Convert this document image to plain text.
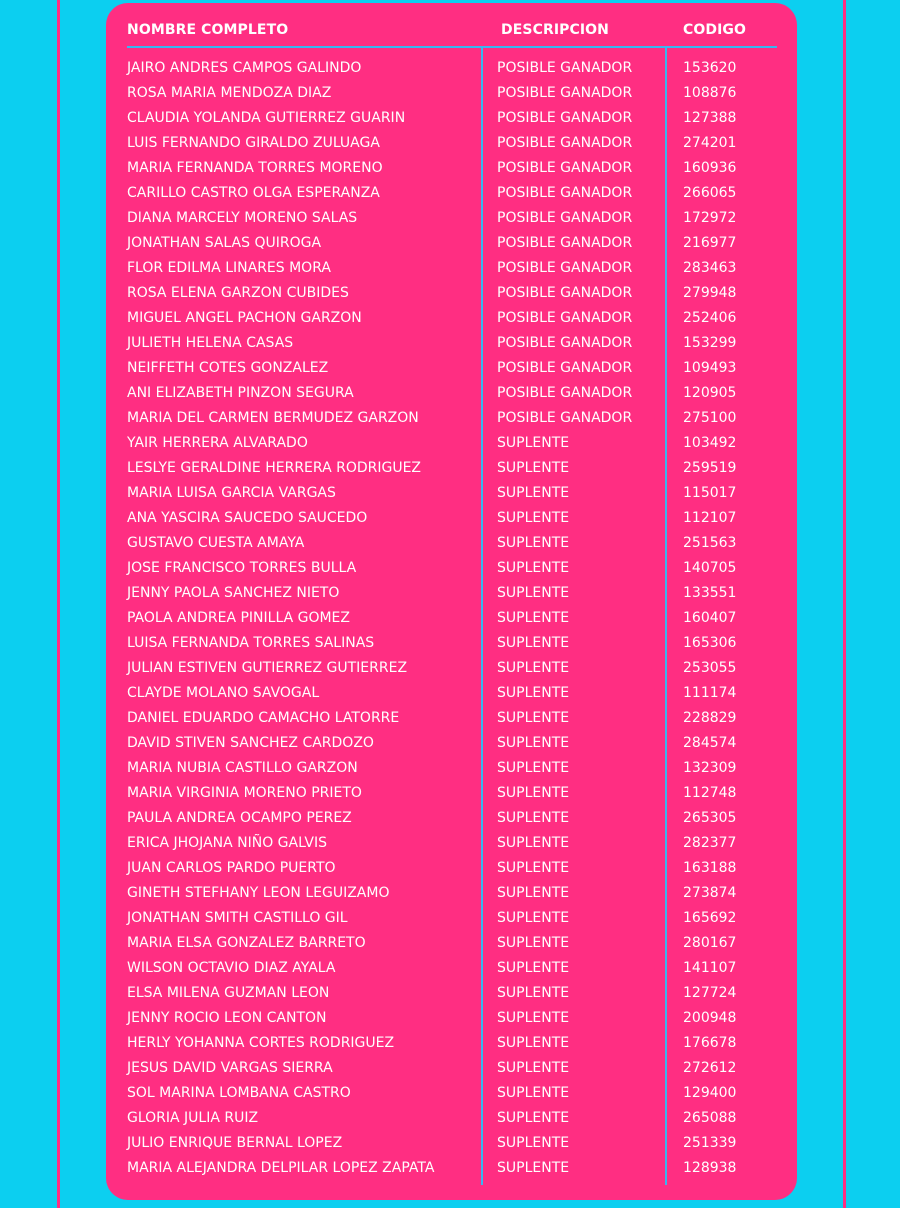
NOMBRE COMPLETO	DESCRIPCION	CODIGO
JAIRO ANDRES CAMPOS GALINDO	POSIBLE GANADOR	153620
ROSA MARIA MENDOZA DIAZ	POSIBLE GANADOR	108876
CLAUDIA YOLANDA GUTIERREZ GUARIN	POSIBLE GANADOR	127388
LUIS FERNANDO GIRALDO ZULUAGA	POSIBLE GANADOR	274201
MARIA FERNANDA TORRES MORENO	POSIBLE GANADOR	160936
CARILLO CASTRO OLGA ESPERANZA	POSIBLE GANADOR	266065
DIANA MARCELY MORENO SALAS	POSIBLE GANADOR	172972
JONATHAN SALAS QUIROGA	POSIBLE GANADOR	216977
FLOR EDILMA LINARES MORA	POSIBLE GANADOR	283463
ROSA ELENA GARZON CUBIDES	POSIBLE GANADOR	279948
MIGUEL ANGEL PACHON GARZON	POSIBLE GANADOR	252406
JULIETH HELENA CASAS	POSIBLE GANADOR	153299
NEIFFETH COTES GONZALEZ	POSIBLE GANADOR	109493
ANI ELIZABETH PINZON SEGURA	POSIBLE GANADOR	120905
MARIA DEL CARMEN BERMUDEZ GARZON	POSIBLE GANADOR	275100
YAIR HERRERA ALVARADO	SUPLENTE	103492
LESLYE GERALDINE HERRERA RODRIGUEZ	SUPLENTE	259519
MARIA LUISA GARCIA VARGAS	SUPLENTE	115017
ANA YASCIRA SAUCEDO SAUCEDO	SUPLENTE	112107
GUSTAVO CUESTA AMAYA	SUPLENTE	251563
JOSE FRANCISCO TORRES BULLA	SUPLENTE	140705
JENNY PAOLA SANCHEZ NIETO	SUPLENTE	133551
PAOLA ANDREA PINILLA GOMEZ	SUPLENTE	160407
LUISA FERNANDA TORRES SALINAS	SUPLENTE	165306
JULIAN ESTIVEN GUTIERREZ GUTIERREZ	SUPLENTE	253055
CLAYDE MOLANO SAVOGAL	SUPLENTE	111174
DANIEL EDUARDO CAMACHO LATORRE	SUPLENTE	228829
DAVID STIVEN SANCHEZ CARDOZO	SUPLENTE	284574
MARIA NUBIA CASTILLO GARZON	SUPLENTE	132309
MARIA VIRGINIA MORENO PRIETO	SUPLENTE	112748
PAULA ANDREA OCAMPO PEREZ	SUPLENTE	265305
ERICA JHOJANA NIÑO GALVIS	SUPLENTE	282377
JUAN CARLOS PARDO PUERTO	SUPLENTE	163188
GINETH STEFHANY LEON LEGUIZAMO	SUPLENTE	273874
JONATHAN SMITH CASTILLO GIL	SUPLENTE	165692
MARIA ELSA GONZALEZ BARRETO	SUPLENTE	280167
WILSON OCTAVIO DIAZ AYALA	SUPLENTE	141107
ELSA MILENA GUZMAN LEON	SUPLENTE	127724
JENNY ROCIO LEON CANTON	SUPLENTE	200948
HERLY YOHANNA CORTES RODRIGUEZ	SUPLENTE	176678
JESUS DAVID VARGAS SIERRA	SUPLENTE	272612
SOL MARINA LOMBANA CASTRO	SUPLENTE	129400
GLORIA JULIA RUIZ	SUPLENTE	265088
JULIO ENRIQUE BERNAL LOPEZ	SUPLENTE	251339
MARIA ALEJANDRA DELPILAR LOPEZ ZAPATA	SUPLENTE	128938
